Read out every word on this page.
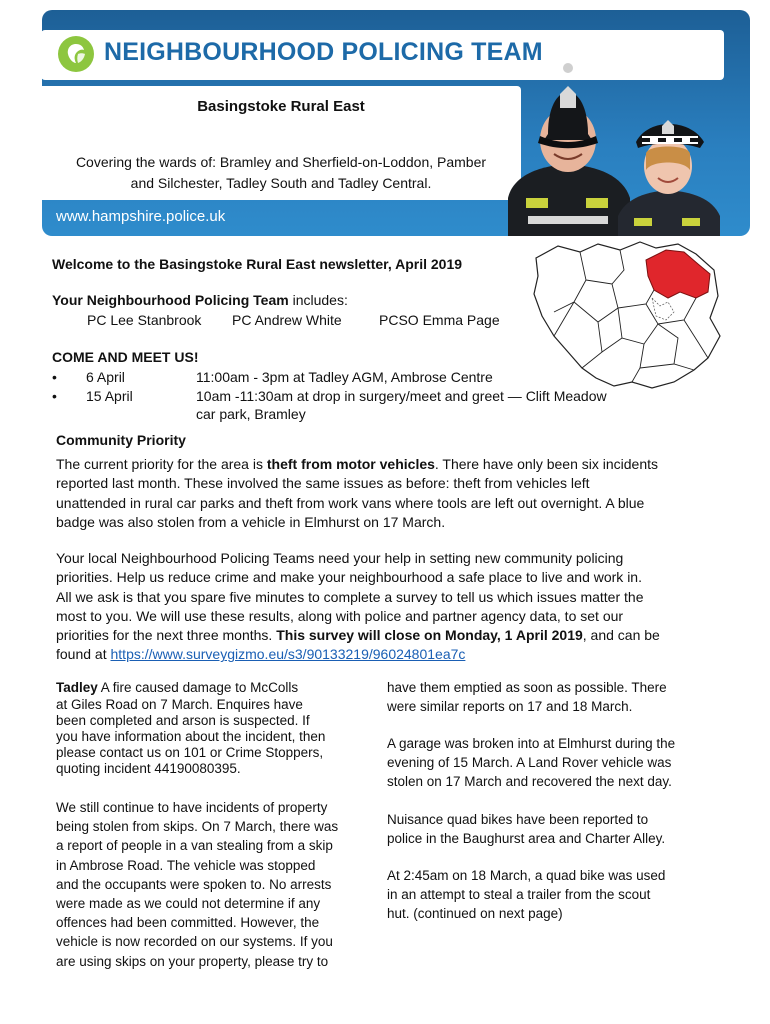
NEIGHBOURHOOD POLICING TEAM
Basingstoke Rural East
Covering the wards of: Bramley and Sherfield-on-Loddon, Pamber
and Silchester, Tadley South and Tadley Central.
www.hampshire.police.uk
Welcome to the Basingstoke Rural East newsletter, April 2019
Your Neighbourhood Policing Team includes:
PC Lee Stanbrook PC Andrew White	PCSO Emma Page
COME AND MEET US!
• 6 April	11:00am - 3pm at Tadley AGM, Ambrose Centre
• 15 April	10am -11:30am at drop in surgery/meet and greet — Clift Meadow
car park, Bramley
Community Priority
The current priority for the area is theft from motor vehicles. There have only been six incidents
reported last month. These involved the same issues as before: theft from vehicles left
unattended in rural car parks and theft from work vans where tools are left out overnight. A blue
badge was also stolen from a vehicle in Elmhurst on 17 March.
Your local Neighbourhood Policing Teams need your help in setting new community policing
priorities. Help us reduce crime and make your neighbourhood a safe place to live and work in.
All we ask is that you spare five minutes to complete a survey to tell us which issues matter the
most to you. We will use these results, along with police and partner agency data, to set our
priorities for the next three months. This survey will close on Monday, 1 April 2019, and can be
found at https://www.surveygizmo.eu/s3/90133219/96024801ea7c
Tadley A fire caused damage to McColls
at Giles Road on 7 March. Enquires have
been completed and arson is suspected. If
you have information about the incident, then
please contact us on 101 or Crime Stoppers,
quoting incident 44190080395.
We still continue to have incidents of property
being stolen from skips. On 7 March, there was
a report of people in a van stealing from a skip
in Ambrose Road. The vehicle was stopped
and the occupants were spoken to. No arrests
were made as we could not determine if any
offences had been committed. However, the
vehicle is now recorded on our systems. If you
are using skips on your property, please try to
have them emptied as soon as possible. There
were similar reports on 17 and 18 March.
A garage was broken into at Elmhurst during the
evening of 15 March. A Land Rover vehicle was
stolen on 17 March and recovered the next day.
Nuisance quad bikes have been reported to
police in the Baughurst area and Charter Alley.
At 2:45am on 18 March, a quad bike was used
in an attempt to steal a trailer from the scout
hut. (continued on next page)
